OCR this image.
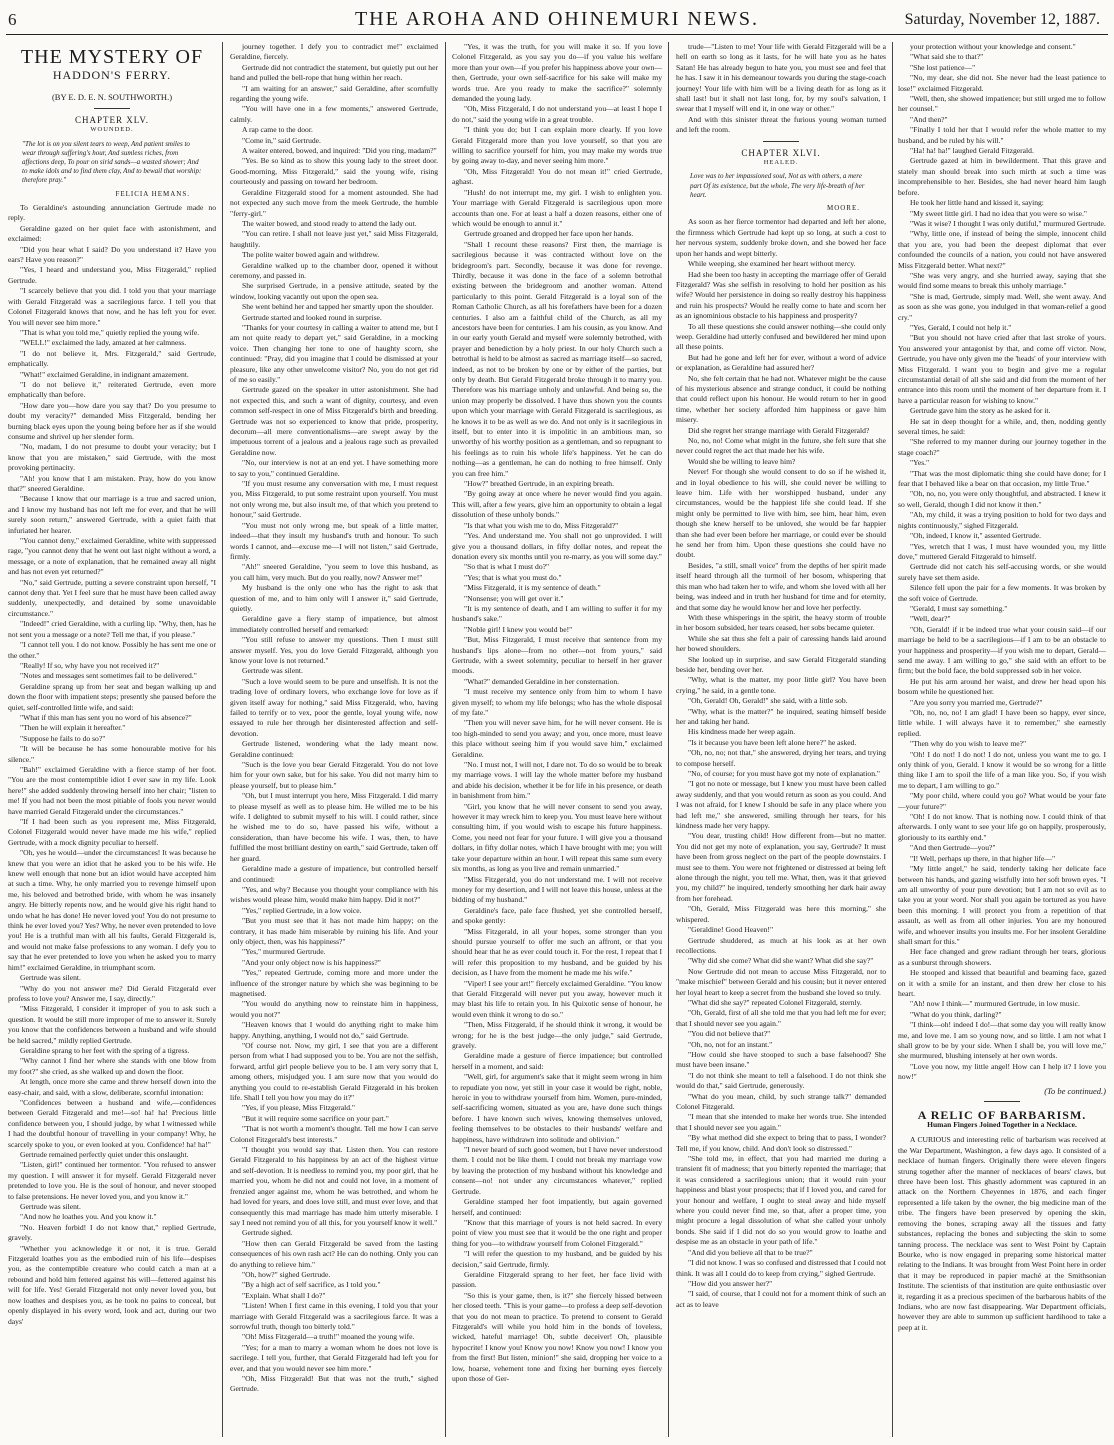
6	THE AROHA AND OHINEMURI NEWS.	Saturday, November 12, 1887.
THE MYSTERY OF
HADDON'S FERRY.
(BY E. D. E. N. SOUTHWORTH.)
CHAPTER XLV.
WOUNDED.
"The lot is on you silent tears to weep, And patient smiles to wear through suffering's hour, And sumless riches, from affections deep, To pour on sirid sands—a wasted shower; And to make idols and to find them clay, And to bewail that worship: therefore pray."
FELICIA HEMANS.

To Geraldine's astounding annunciation Gertrude made no reply.

Geraldine gazed on her quiet face with astonishment, and exclaimed:

"Did you hear what I said? Do you understand it? Have you ears? Have you reason?"

"Yes, I heard and understand you, Miss Fitzgerald," replied Gertrude.

"I scarcely believe that you did. I told you that your marriage with Gerald Fitzgerald was a sacrilegious farce. I tell you that Colonel Fitzgerald knows that now, and he has left you for ever. You will never see him more."

"That is what you told me," quietly replied the young wife.

"WELL!" exclaimed the lady, amazed at her calmness.

"I do not believe it, Mrs. Fitzgerald," said Gertrude, emphatically.

"What!" exclaimed Geraldine, in indignant amazement.

"I do not believe it," reiterated Gertrude, even more emphatically than before.

"How dare you—how dare you say that? Do you presume to doubt my veracity?" demanded Miss Fitzgerald, bending her burning black eyes upon the young being before her as if she would consume and shrivel up her slender form.

"No, madam, I do not presume to doubt your veracity; but I know that you are mistaken," said Gertrude, with the most provoking pertinacity.

"Ah! you know that I am mistaken. Pray, how do you know that?" sneered Geraldine.

"Because I know that our marriage is a true and sacred union, and I know my husband has not left me for ever, and that he will surely soon return," answered Gertrude, with a quiet faith that infuriated her hearer.

"You cannot deny," exclaimed Geraldine, white with suppressed rage, "you cannot deny that he went out last night without a word, a message, or a note of explanation, that he remained away all night and has not even yet returned?"

"No," said Gertrude, putting a severe constraint upon herself, "I cannot deny that. Yet I feel sure that he must have been called away suddenly, unexpectedly, and detained by some unavoidable circumstance."

"Indeed!" cried Geraldine, with a curling lip. "Why, then, has he not sent you a message or a note? Tell me that, if you please."

"I cannot tell you. I do not know. Possibly he has sent me one or the other."

"Really! If so, why have you not received it?"

"Notes and messages sent sometimes fail to be delivered."

Geraldine sprang up from her seat and began walking up and down the floor with impatient steps; presently she paused before the quiet, self-controlled little wife, and said:

"What if this man has sent you no word of his absence?"

"Then he will explain it hereafter."

"Suppose he fails to do so?"

"It will be because he has some honourable motive for his silence."

"Bah!" exclaimed Geraldine with a fierce stamp of her foot. "You are the most contemptible idiot I ever saw in my life. Look here!" she added suddenly throwing herself into her chair; "listen to me! If you had not been the most pitiable of fools you never would have married Gerald Fitzgerald under the circumstances."

"If I had been such as you represent me, Miss Fitzgerald, Colonel Fitzgerald would never have made me his wife," replied Gertrude, with a mock dignity peculiar to herself.

"Oh, yes he would—under the circumstances! It was because he knew that you were an idiot that he asked you to be his wife. He knew well enough that none but an idiot would have accepted him at such a time. Why, he only married you to revenge himself upon me, his beloved and betrothed bride, with whom he was insanely angry. He bitterly repents now, and he would give his right hand to undo what he has done! He never loved you! You do not presume to think he ever loved you? Yes? Why, he never even pretended to love you! He is a truthful man with all his faults, Gerald Fitzgerald is, and would not make false professions to any woman. I defy you to say that he ever pretended to love you when he asked you to marry him!" exclaimed Geraldine, in triumphant scorn.

Gertrude was silent.

"Why do you not answer me? Did Gerald Fitzgerald ever profess to love you? Answer me, I say, directly."

"Miss Fitzgerald, I consider it improper of you to ask such a question. It would be still more improper of me to answer it. Surely you know that the confidences between a husband and wife should be held sacred," mildly replied Gertrude.

Geraldine sprang to her feet with the spring of a tigress.

"Why cannot I find her where she stands with one blow from my foot?" she cried, as she walked up and down the floor.

At length, once more she came and threw herself down into the easy-chair, and said, with a slow, deliberate, scornful intonation:

"Confidences between a husband and wife,—confidences between Gerald Fitzgerald and me!—so! ha! ha! Precious little confidence between you, I should judge, by what I witnessed while I had the doubtful honour of travelling in your company! Why, he scarcely spoke to you, or even looked at you. Confidence! ha! ha!"

Gertrude remained perfectly quiet under this onslaught.

"Listen, girl!" continued her tormentor. "You refused to answer my question. I will answer it for myself. Gerald Fitzgerald never pretended to love you. He is the soul of honour, and never stooped to false pretensions. He never loved you, and you know it."

Gertrude was silent.

"And now he loathes you. And you know it."

"No. Heaven forbid! I do not know that," replied Gertrude, gravely.

"Whether you acknowledge it or not, it is true. Gerald Fitzgerald loathes you as the embodied ruin of his life—despises you, as the contemptible creature who could catch a man at a rebound and hold him fettered against his will—fettered against his will for life. Yes! Gerald Fitzgerald not only never loved you, but now loathes and despises you, as he took no pains to conceal, but openly displayed in his every word, look and act, during our two days'

journey together. I defy you to contradict me!" exclaimed Geraldine, fiercely.

Gertrude did not contradict the statement, but quietly put out her hand and pulled the bell-rope that hung within her reach.

"I am waiting for an answer," said Geraldine, after scornfully regarding the young wife.

"You will have one in a few moments," answered Gertrude, calmly.

A rap came to the door.

"Come in," said Gertrude.

A waiter entered, bowed, and inquired: "Did you ring, madam?"

"Yes. Be so kind as to show this young lady to the street door. Good-morning, Miss Fitzgerald," said the young wife, rising courteously and passing on toward her bedroom.

Geraldine Fitzgerald stood for a moment astounded. She had not expected any such move from the meek Gertrude, the humble "ferry-girl."

The waiter bowed, and stood ready to attend the lady out.

"You can retire. I shall not leave just yet," said Miss Fitzgerald, haughtily.

The polite waiter bowed again and withdrew.

Geraldine walked up to the chamber door, opened it without ceremony, and passed in.

She surprised Gertrude, in a pensive attitude, seated by the window, looking vacantly out upon the open sea.

She went behind her and tapped her smartly upon the shoulder.

Gertrude started and looked round in surprise.

"Thanks for your courtesy in calling a waiter to attend me, but I am not quite ready to depart yet," said Geraldine, in a mocking voice. Then changing her tone to one of haughty scorn, she continued: "Pray, did you imagine that I could be dismissed at your pleasure, like any other unwelcome visitor? No, you do not get rid of me so easily."

Gertrude gazed on the speaker in utter astonishment. She had not expected this, and such a want of dignity, courtesy, and even common self-respect in one of Miss Fitzgerald's birth and breeding. Gertrude was not so experienced to know that pride, prosperity, decorum—all mere conventionalisms—are swept away by the impetuous torrent of a jealous and a jealous rage such as prevailed Geraldine now.

"No, our interview is not at an end yet. I have something more to say to you," continued Geraldine.

"If you must resume any conversation with me, I must request you, Miss Fitzgerald, to put some restraint upon yourself. You must not only wrong me, but also insult me, of that which you pretend to honour," said Gertrude.

"You must not only wrong me, but speak of a little matter, indeed—that they insult my husband's truth and honour. To such words I cannot, and—excuse me—I will not listen," said Gertrude, firmly.

"Ah!" sneered Geraldine, "you seem to love this husband, as you call him, very much. But do you really, now? Answer me!"

My husband is the only one who has the right to ask that question of me, and to him only will I answer it," said Gertrude, quietly.

Geraldine gave a fiery stamp of impatience, but almost immediately controlled herself and remarked:

"You still refuse to answer my questions. Then I must still answer myself. Yes, you do love Gerald Fitzgerald, although you know your love is not returned."

Gertrude was silent.

"Such a love would seem to be pure and unselfish. It is not the trading love of ordinary lovers, who exchange love for love as if given itself away for nothing," said Miss Fitzgerald, who, having failed to terrify or to vex, poor the gentle, loyal young wife, now essayed to rule her through her disinterested affection and self-devotion.

Gertrude listened, wondering what the lady meant now. Geraldine continued:

"Such is the love you bear Gerald Fitzgerald. You do not love him for your own sake, but for his sake. You did not marry him to please yourself, but to please him."

"Oh, but I must interrupt you here, Miss Fitzgerald. I did marry to please myself as well as to please him. He willed me to be his wife. I delighted to submit myself to his will. I could rather, since he wished me to do so, have passed his wife, without a consideration, than have become his wife. I was, then, to have fulfilled the most brilliant destiny on earth," said Gertrude, taken off her guard.

Geraldine made a gesture of impatience, but controlled herself and continued:

"Yes, and why? Because you thought your compliance with his wishes would please him, would make him happy. Did it not?"

"Yes," replied Gertrude, in a low voice.

"But you must see that it has not made him happy; on the contrary, it has made him miserable by ruining his life. And your only object, then, was his happiness?"

"Yes," murmured Gertrude.

"And your only object now is his happiness?"

"Yes," repeated Gertrude, coming more and more under the influence of the stronger nature by which she was beginning to be magnetised.

"You would do anything now to reinstate him in happiness, would you not?"

"Heaven knows that I would do anything right to make him happy. Anything, anything, I would not do," said Gertrude.

"Of course not. Now, my girl, I see that you are a different person from what I had supposed you to be. You are not the selfish, forward, artful girl people believe you to be. I am very sorry that I, among others, misjudged you. I am sure now that you would do anything you could to re-establish Gerald Fitzgerald in his broken life. Shall I tell you how you may do it?"

"Yes, if you please, Miss Fitzgerald."

"But it will require some sacrifice on your part."

"That is not worth a moment's thought. Tell me how I can serve Colonel Fitzgerald's best interests."

"I thought you would say that. Listen then. You can restore Gerald Fitzgerald to his happiness by an act of the highest virtue and self-devotion. It is needless to remind you, my poor girl, that he married you, whom he did not and could not love, in a moment of frenzied anger against me, whom he was betrothed, and whom he had loved for years, and does love still, and must ever love, and that consequently this mad marriage has made him utterly miserable. I say I need not remind you of all this, for you yourself know it well."

Gertrude sighed.

"How then can Gerald Fitzgerald be saved from the lasting consequences of his own rash act? He can do nothing. Only you can do anything to relieve him."

"Oh, how?" sighed Gertrude.

"By a high act of self sacrifice, as I told you."

"Explain. What shall I do?"

"Listen! When I first came in this evening, I told you that your marriage with Gerald Fitzgerald was a sacrilegious farce. It was a sorrowful truth, though too bitterly told."

"Oh! Miss Fitzgerald—a truth!" moaned the young wife.

"Yes; for a man to marry a woman whom he does not love is sacrilege. I tell you, further, that Gerald Fitzgerald had left you for ever, and that you would never see him more."

"Oh, Miss Fitzgerald! But that was not the truth," sighed Gertrude.

"Yes, it was the truth, for you will make it so. If you love Colonel Fitzgerald, as you say you do—if you value his welfare more than your own—if you prefer his happiness above your own—then, Gertrude, your own self-sacrifice for his sake will make my words true. Are you ready to make the sacrifice?" solemnly demanded the young lady.

"Oh, Miss Fitzgerald, I do not understand you—at least I hope I do not," said the young wife in a great trouble.

"I think you do; but I can explain more clearly. If you love Gerald Fitzgerald more than you love yourself, so that you are willing to sacrifice yourself for him, you may make my words true by going away to-day, and never seeing him more."

"Oh, Miss Fitzgerald! You do not mean it!" cried Gertrude, aghast.

"Hush! do not interrupt me, my girl. I wish to enlighten you. Your marriage with Gerald Fitzgerald is sacrilegious upon more accounts than one. For at least a half a dozen reasons, either one of which would be enough to annul it."

Gertrude groaned and dropped her face upon her hands.

"Shall I recount these reasons? First then, the marriage is sacrilegious because it was contracted without love on the bridegroom's part. Secondly, because it was done for revenge. Thirdly, because it was done in the face of a solemn betrothal existing between the bridegroom and another woman. Attend particularly to this point. Gerald Fitzgerald is a loyal son of the Roman Catholic Church, as all his forefathers have been for a dozen centuries. I also am a faithful child of the Church, as all my ancestors have been for centuries. I am his cousin, as you know. And in our early youth Gerald and myself were solemnly betrothed, with prayer and benediction by a holy priest. In our holy Church such a betrothal is held to be almost as sacred as marriage itself—so sacred, indeed, as not to be broken by one or by either of the parties, but only by death. But Gerald Fitzgerald broke through it to marry you. Therefore was his marriage unholy and unlawful. And being so, the union may properly be dissolved. I have thus shown you the counts upon which your marriage with Gerald Fitzgerald is sacrilegious, as he knows it to be as well as we do. And not only is it sacrilegious in itself, but to enter into it is impolitic in an ambitious man, so unworthy of his worthy position as a gentleman, and so repugnant to his feelings as to ruin his whole life's happiness. Yet he can do nothing—as a gentleman, he can do nothing to free himself. Only you can free him."

"How?" breathed Gertrude, in an expiring breath.

"By going away at once where he never would find you again. This will, after a few years, give him an opportunity to obtain a legal dissolution of these unholy bonds."

"Is that what you wish me to do, Miss Fitzgerald?"

"Yes. And understand me. You shall not go unprovided. I will give you a thousand dollars, in fifty dollar notes, and repeat the donation every six months until you re-marry, as you will some day."

"So that is what I must do?"

"Yes; that is what you must do."

"Miss Fitzgerald, it is my sentence of death."

"Nonsense; you will get over it."

"It is my sentence of death, and I am willing to suffer it for my husband's sake."

"Noble girl! I knew you would be!"

"But, Miss Fitzgerald, I must receive that sentence from my husband's lips alone—from no other—not from yours," said Gertrude, with a sweet solemnity, peculiar to herself in her graver moods.

"What?" demanded Geraldine in her consternation.

"I must receive my sentence only from him to whom I have given myself; to whom my life belongs; who has the whole disposal of my fate."

"Then you will never save him, for he will never consent. He is too high-minded to send you away; and you, once more, must leave this place without seeing him if you would save him," exclaimed Geraldine.

"No. I must not, I will not, I dare not. To do so would be to break my marriage vows. I will lay the whole matter before my husband and abide his decision, whether it be for life in his presence, or death in banishment from him."

"Girl, you know that he will never consent to send you away, however it may wreck him to keep you. You must leave here without consulting him, if you would wish to escape his future happiness. Come, you need not fear for your future. I will give you a thousand dollars, in fifty dollar notes, which I have brought with me; you will take your departure within an hour. I will repeat this same sum every six months, as long as you live and remain unmarried."

"Miss Fitzgerald, you do not understand me. I will not receive money for my desertion, and I will not leave this house, unless at the bidding of my husband."

Geraldine's face, pale face flushed, yet she controlled herself, and spoke gently:

"Miss Fitzgerald, in all your hopes, some stronger than you should pursue yourself to offer me such an affront, or that you should hear that he as ever could touch it. For the rest, I repeat that I will refer this proposition to my husband, and be guided by his decision, as I have from the moment he made me his wife."

"Viper! I see your art!" fiercely exclaimed Geraldine. "You know that Gerald Fitzgerald will never put you away, however much it may blast his life to retain you. In his Quixotic sense of honour, he would even think it wrong to do so."

"Then, Miss Fitzgerald, if he should think it wrong, it would be wrong; for he is the best judge—the only judge," said Gertrude, gravely.

Geraldine made a gesture of fierce impatience; but controlled herself in a moment, and said:

"Well, girl, for argument's sake that it might seem wrong in him to repudiate you now, yet still in your case it would be right, noble, heroic in you to withdraw yourself from him. Women, pure-minded, self-sacrificing women, situated as you are, have done such things before. I have known such wives, knowing themselves unloved, feeling themselves to be obstacles to their husbands' welfare and happiness, have withdrawn into solitude and oblivion."

"I never heard of such good women, but I have never understood them. I could not be like them. I could not break my marriage vow by leaving the protection of my husband without his knowledge and consent—no! not under any circumstances whatever," replied Gertrude.

Geraldine stamped her foot impatiently, but again governed herself, and continued:

"Know that this marriage of yours is not held sacred. In every point of view you must see that it would be the one right and proper thing for you—to withdraw yourself from Colonel Fitzgerald."

"I will refer the question to my husband, and be guided by his decision," said Gertrude, firmly.

Geraldine Fitzgerald sprang to her feet, her face livid with passion.

"So this is your game, then, is it?" she fiercely hissed between her closed teeth. "This is your game—to profess a deep self-devotion that you do not mean to practice. To pretend to consent to Gerald Fitzgerald's will while you hold him in the bonds of loveless, wicked, hateful marriage! Oh, subtle deceiver! Oh, plausible hypocrite! I know you! Know you now! Know you now! I know you from the first! But listen, minion!" she said, dropping her voice to a low, hoarse, vehement tone and fixing her burning eyes fiercely upon those of Ger-

trude—"Listen to me! Your life with Gerald Fitzgerald will be a hell on earth so long as it lasts, for he will hate you as he hates Satan! He has already begun to hate you, you must see and feel that he has. I saw it in his demeanour towards you during the stage-coach journey! Your life with him will be a living death for as long as it shall last! but it shall not last long, for, by my soul's salvation, I swear that I myself will end it, in one way or other."

And with this sinister threat the furious young woman turned and left the room.

CHAPTER XLVI.
HEALED.
Love was to her impassioned soul, Not as with others, a mere part Of its existence, but the whole, The very life-breath of her heart.
MOORE.

As soon as her fierce tormentor had departed and left her alone, the firmness which Gertrude had kept up so long, at such a cost to her nervous system, suddenly broke down, and she bowed her face upon her hands and wept bitterly.

While weeping, she examined her heart without mercy.

Had she been too hasty in accepting the marriage offer of Gerald Fitzgerald? Was she selfish in resolving to hold her position as his wife? Would her persistence in doing so really destroy his happiness and ruin his prospects? Would he really come to hate and scorn her as an ignominious obstacle to his happiness and prosperity?

To all these questions she could answer nothing—she could only weep. Geraldine had utterly confused and bewildered her mind upon all these points.

But had he gone and left her for ever, without a word of advice or explanation, as Geraldine had assured her?

No, she felt certain that he had not. Whatever might be the cause of his mysterious absence and strange conduct, it could be nothing that could reflect upon his honour. He would return to her in good time, whether her society afforded him happiness or gave him misery.

Did she regret her strange marriage with Gerald Fitzgerald?

No, no, no! Come what might in the future, she felt sure that she never could regret the act that made her his wife.

Would she be willing to leave him?

Never! For though she would consent to do so if he wished it, and in loyal obedience to his will, she could never be willing to leave him. Life with her worshipped husband, under any circumstances, would be the happiest life she could lead. If she might only be permitted to live with him, see him, hear him, even though she knew herself to be unloved, she would be far happier than she had ever been before her marriage, or could ever be should he send her from him. Upon these questions she could have no doubt.

Besides, "a still, small voice" from the depths of her spirit made itself heard through all the turmoil of her bosom, whispering that this man who had taken her to wife, and whom she loved with all her being, was indeed and in truth her husband for time and for eternity, and that some day he would know her and love her perfectly.

With these whisperings in the spirit, the heavy storm of trouble in her bosom subsided, her tears ceased, her sobs became quieter.

While she sat thus she felt a pair of caressing hands laid around her bowed shoulders.

She looked up in surprise, and saw Gerald Fitzgerald standing beside her, bending over her.

"Why, what is the matter, my poor little girl? You have been crying," he said, in a gentle tone.

"Oh, Gerald! Oh, Gerald!" she said, with a little sob.

"Why, what is the matter?" he inquired, seating himself beside her and taking her hand.

His kindness made her weep again.

"Is it because you have been left alone here?" he asked.

"Oh, no, no; not that," she answered, drying her tears, and trying to compose herself.

"No, of course; for you must have got my note of explanation."

"I got no note or message, but I knew you must have been called away suddenly, and that you would return as soon as you could. And I was not afraid, for I knew I should be safe in any place where you had left me," she answered, smiling through her tears, for his kindness made her very happy.

"You dear, trusting child! How different from—but no matter. You did not get my note of explanation, you say, Gertrude? It must have been from gross neglect on the part of the people downstairs. I must see to them. You were not frightened or distressed at being left alone through the night, you tell me. What, then, was it that grieved you, my child?" he inquired, tenderly smoothing her dark hair away from her forehead.

"Oh, Gerald, Miss Fitzgerald was here this morning," she whispered.

"Geraldine! Good Heaven!"

Gertrude shuddered, as much at his look as at her own recollections.

"Why did she come? What did she want? What did she say?"

Now Gertrude did not mean to accuse Miss Fitzgerald, nor to "make mischief" between Gerald and his cousin; but it never entered her loyal heart to keep a secret from the husband she loved so truly.

"What did she say?" repeated Colonel Fitzgerald, sternly.

"Oh, Gerald, first of all she told me that you had left me for ever; that I should never see you again."

"You did not believe that?"

"Oh, no, not for an instant."

"How could she have stooped to such a base falsehood? She must have been insane."

"I do not think she meant to tell a falsehood. I do not think she would do that," said Gertrude, generously.

"What do you mean, child, by such strange talk?" demanded Colonel Fitzgerald.

"I mean that she intended to make her words true. She intended that I should never see you again."

"By what method did she expect to bring that to pass, I wonder? Tell me, if you know, child. And don't look so distressed."

"She told me, in effect, that you had married me during a transient fit of madness; that you bitterly repented the marriage; that it was considered a sacrilegious union; that it would ruin your happiness and blast your prospects; that if I loved you, and cared for your honour and welfare, I ought to steal away and hide myself where you could never find me, so that, after a proper time, you might procure a legal dissolution of what she called your unholy bonds. She said if I did not do so you would grow to loathe and despise me as an obstacle in your path of life."

"And did you believe all that to be true?"

"I did not know. I was so confused and distressed that I could not think. It was all I could do to keep from crying," sighed Gertrude.

"How did you answer her?"

"I said, of course, that I could not for a moment think of such an act as to leave

your protection without your knowledge and consent."

"What said she to that?"

"She lost patience—"

"No, my dear, she did not. She never had the least patience to lose!" exclaimed Fitzgerald.

"Well, then, she showed impatience; but still urged me to follow her counsel."

"And then?"

"Finally I told her that I would refer the whole matter to my husband, and be ruled by his will."

"Ha! ha! ha!" laughed Gerald Fitzgerald.

Gertrude gazed at him in bewilderment. That this grave and stately man should break into such mirth at such a time was incomprehensible to her. Besides, she had never heard him laugh before.

He took her little hand and kissed it, saying:

"My sweet little girl. I had no idea that you were so wise."

"Was it wise? I thought I was only dutiful," murmured Gertrude.

"Why, little one, if instead of being the simple, innocent child that you are, you had been the deepest diplomat that ever confounded the councils of a nation, you could not have answered Miss Fitzgerald better. What next?"

"She was very angry, and she hurried away, saying that she would find some means to break this unholy marriage."

"She is mad, Gertrude, simply mad. Well, she went away. And as soon as she was gone, you indulged in that woman-relief a good cry."

"Yes, Gerald, I could not help it."

"But you should not have cried after that last stroke of yours. You answered your antagonist by that, and come off victor. Now, Gertrude, you have only given me the 'heads' of your interview with Miss Fitzgerald. I want you to begin and give me a regular circumstantial detail of all she said and did from the moment of her entrance into this room until the moment of her departure from it. I have a particular reason for wishing to know."

Gertrude gave him the story as he asked for it.

He sat in deep thought for a while, and, then, nodding gently several times, he said:

"She referred to my manner during our journey together in the stage coach?"

"Yes."

"That was the most diplomatic thing she could have done; for I fear that I behaved like a bear on that occasion, my little True."

"Oh, no, no, you were only thoughtful, and abstracted. I knew it so well, Gerald, though I did not know it then."

"Ah, my child, it was a trying position to hold for two days and nights continuously," sighed Fitzgerald.

"Oh, indeed, I know it," assented Gertrude.

"Yes, wretch that I was, I must have wounded you, my little dove," muttered Gerald Fitzgerald to himself.

Gertrude did not catch his self-accusing words, or she would surely have set them aside.

Silence fell upon the pair for a few moments. It was broken by the soft voice of Gertrude.

"Gerald, I must say something."

"Well, dear?"

"Oh, Gerald! if it be indeed true what your cousin said—if our marriage be held to be a sacrilegious—if I am to be an obstacle to your happiness and prosperity—if you wish me to depart, Gerald—send me away. I am willing to go," she said with an effort to be firm; but the bold face, the bold suppressed sob in her voice.

He put his arm around her waist, and drew her head upon his bosom while he questioned her.

"Are you sorry you married me, Gertrude?"

"Oh, no, no, no! I am glad! I have been so happy, ever since, little while. I will always have it to remember," she earnestly replied.

"Then why do you wish to leave me?"

"Oh! I do not! I do not! I do not, unless you want me to go. I only think of you, Gerald. I know it would be so wrong for a little thing like I am to spoil the life of a man like you. So, if you wish me to depart, I am willing to go."

"My poor child, where could you go? What would be your fate—your future?"

"Oh! I do not know. That is nothing now. I could think of that afterwards. I only want to see your life go on happily, prosperously, gloriously to its earthly end."

"And then Gertrude—you?"

"I! Well, perhaps up there, in that higher life—"

"My little angel," he said, tenderly taking her delicate face between his hands, and gazing wistfully into her soft brown eyes. "I am all unworthy of your pure devotion; but I am not so evil as to take you at your word. Nor shall you again be tortured as you have been this morning. I will protect you from a repetition of that assault, as well as from all other injuries. You are my honoured wife, and whoever insults you insults me. For her insolent Geraldine shall smart for this."

Her face changed and grew radiant through her tears, glorious as a sunburst through showers.

He stooped and kissed that beautiful and beaming face, gazed on it with a smile for an instant, and then drew her close to his heart.

"Ah! now I think—" murmured Gertrude, in low music.

"What do you think, darling?"

"I think—oh! indeed I do!—that some day you will really know me, and love me. I am so young now, and so little. I am not what I shall grow to be by your side. When I shall be, you will love me," she murmured, blushing intensely at her own words.

"Love you now, my little angel! How can I help it? I love you now!"

(To be continued.)
A RELIC OF BARBARISM.
Human Fingers Joined Together in a Necklace.

A CURIOUS and interesting relic of barbarism was received at the War Department, Washington, a few days ago. It consisted of a necklace of human fingers. Originally there were eleven fingers strung together after the manner of necklaces of bears' claws, but three have been lost. This ghastly adornment was captured in an attack on the Northern Cheyennes in 1876, and each finger represented a life taken by the owner, the big medicine man of the tribe. The fingers have been preserved by opening the skin, removing the bones, scraping away all the tissues and fatty substances, replacing the bones and subjecting the skin to some tanning process. The necklace was sent to West Point by Captain Bourke, who is now engaged in preparing some historical matter relating to the Indians. It was brought from West Point here in order that it may be reproduced in papier maché at the Smithsonian Institute. The scientists of that institution are quite enthusiastic over it, regarding it as a precious specimen of the barbarous habits of the Indians, who are now fast disappearing. War Department officials, however they are able to summon up sufficient hardihood to take a peep at it.
